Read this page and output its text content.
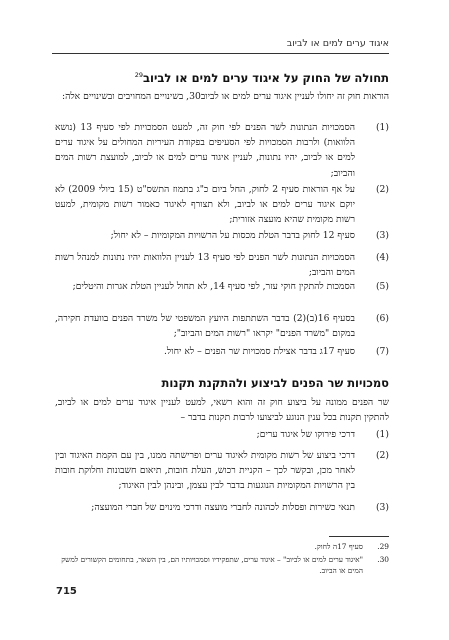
איגוד ערים למים או לביוב
תחולה של החוק על איגוד ערים למים או לביוב$^{29}$

הוראות חוק זה יחולו לעניין איגוד ערים למים או לביוב30, בשינויים המחויבים ובשינויים אלה:

(1)
הסמכויות הנתונות לשר הפנים לפי חוק זה, למעט הסמכויות לפי סעיף 13 (נושא הלוואות) ולרבות הסמכויות לפי הסעיפים בפקודת העיריות המחולים על איגוד ערים למים או לביוב, יהיו נתונות, לעניין איגוד ערים למים או לביוב, למועצת רשות המים והביוב;
(2)
על אף הוראות סעיף 2 לחוק, החל ביום כ"ג בתמוז התשס"ט (15 ביולי 2009) לא יוקם איגוד ערים למים או לביוב, ולא תצורף לאיגוד כאמור רשות מקומית, למעט רשות מקומית שהיא מועצה אזורית;
(3)
סעיף 12 לחוק בדבר הטלת מכסות על הרשויות המקומיות – לא יחול;
(4)
הסמכויות הנתונות לשר הפנים לפי סעיף 13 לעניין הלוואות יהיו נתונות למנהל רשות המים והביוב;
(5)
הסמכות להתקין חוקי עזר, לפי סעיף 14, לא תחול לעניין הטלת אגרות והיטלים;
(6)
בסעיף 16(ב)(2) בדבר השתתפות היועץ המשפטי של משרד הפנים בוועדת חקירה, במקום "משרד הפנים" יקראו "רשות המים והביוב";
(7)
סעיף 17ג בדבר אצילת סמכויות שר הפנים – לא יחול.
סמכויות שר הפנים לביצוע ולהתקנת תקנות

שר הפנים ממונה על ביצוע חוק זה והוא רשאי, למעט לעניין איגוד ערים למים או לביוב, להתקין תקנות בכל ענין הנוגע לביצועו לרבות תקנות בדבר –

(1)
דרכי פירוקו של איגוד ערים;
(2)
דרכי ביצוע של רשות מקומית לאיגוד ערים ופרישתה ממנו, בין עם הקמת האיגוד ובין לאחר מכן, ובקשר לכך – הקניית רכוש, העלת חובות, תיאום חשבונות וחלוקת חובות בין הרשויות המקומיות הנוגעות בדבר לבין עצמן, ובינהן לבין האיגוד;
(3)
תנאי כשירות ופסלות לכהונה לחברי מועצה ודרכי מינוים של חברי המועצה;
29.
סעיף 17ה לחוק.
30.
"איגוד ערים למים או לביוב" – איגוד ערים, שתפקידיו וסמכויותיו הם, בין השאר, בתחומים הקשורים למשק המים או הביוב.
715
